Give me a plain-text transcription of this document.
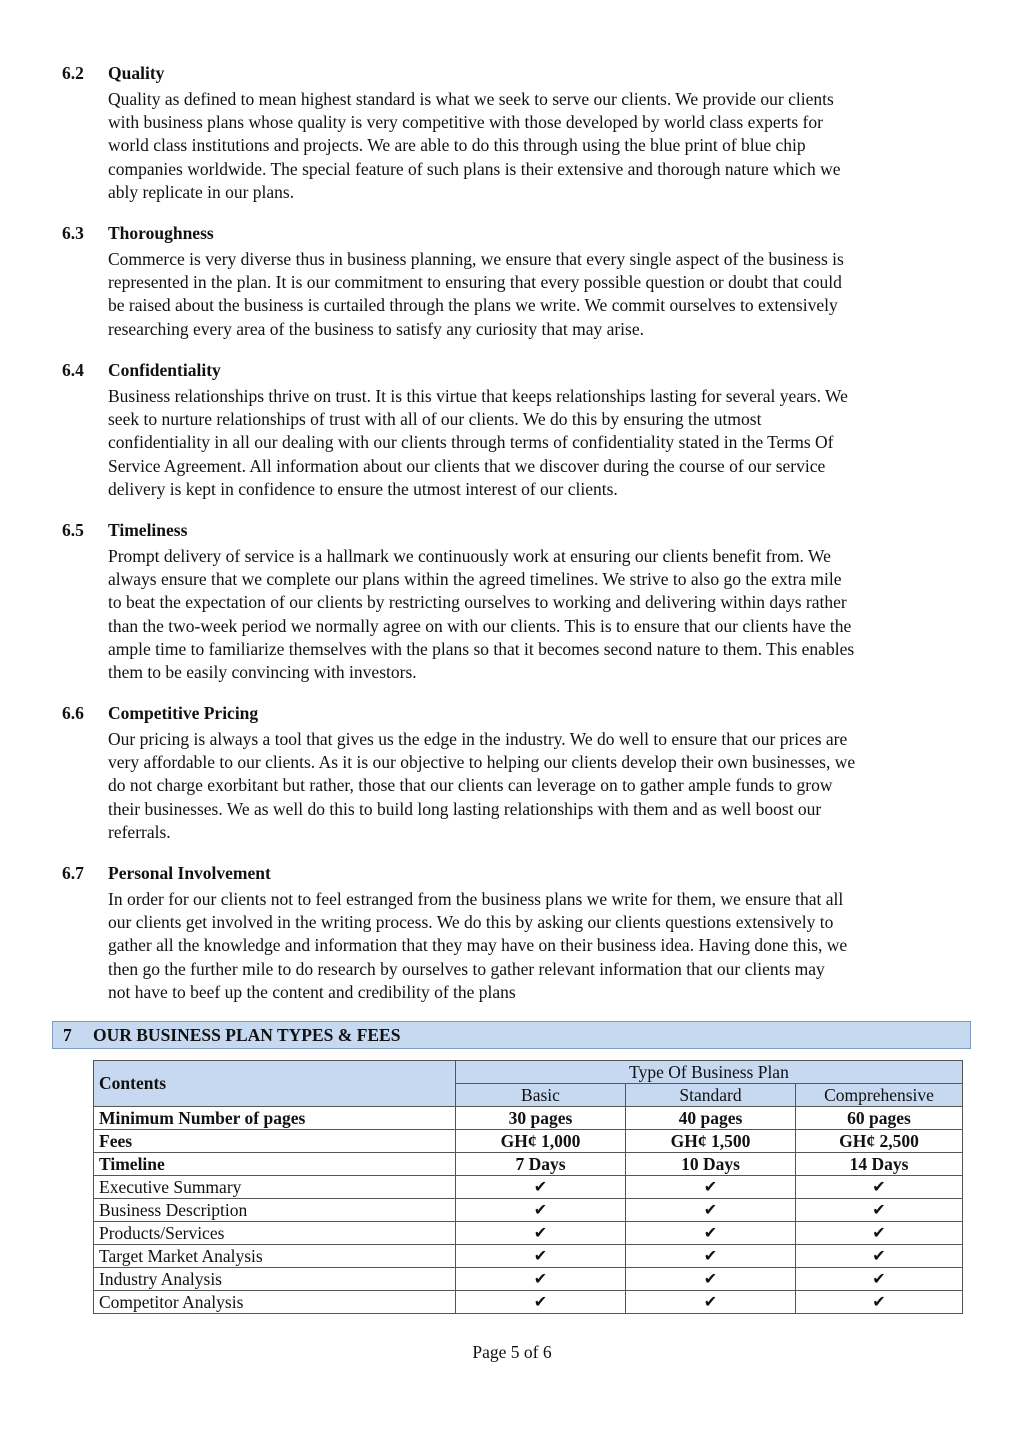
6.2	Quality
Quality as defined to mean highest standard is what we seek to serve our clients. We provide our clients
with business plans whose quality is very competitive with those developed by world class experts for
world class institutions and projects. We are able to do this through using the blue print of blue chip
companies worldwide. The special feature of such plans is their extensive and thorough nature which we
ably replicate in our plans.
6.3	Thoroughness
Commerce is very diverse thus in business planning, we ensure that every single aspect of the business is
represented in the plan. It is our commitment to ensuring that every possible question or doubt that could
be raised about the business is curtailed through the plans we write. We commit ourselves to extensively
researching every area of the business to satisfy any curiosity that may arise.
6.4	Confidentiality
Business relationships thrive on trust. It is this virtue that keeps relationships lasting for several years. We
seek to nurture relationships of trust with all of our clients. We do this by ensuring the utmost
confidentiality in all our dealing with our clients through terms of confidentiality stated in the Terms Of
Service Agreement. All information about our clients that we discover during the course of our service
delivery is kept in confidence to ensure the utmost interest of our clients.
6.5	Timeliness
Prompt delivery of service is a hallmark we continuously work at ensuring our clients benefit from. We
always ensure that we complete our plans within the agreed timelines. We strive to also go the extra mile
to beat the expectation of our clients by restricting ourselves to working and delivering within days rather
than the two-week period we normally agree on with our clients. This is to ensure that our clients have the
ample time to familiarize themselves with the plans so that it becomes second nature to them. This enables
them to be easily convincing with investors.
6.6	Competitive Pricing
Our pricing is always a tool that gives us the edge in the industry. We do well to ensure that our prices are
very affordable to our clients. As it is our objective to helping our clients develop their own businesses, we
do not charge exorbitant but rather, those that our clients can leverage on to gather ample funds to grow
their businesses. We as well do this to build long lasting relationships with them and as well boost our
referrals.
6.7	Personal Involvement
In order for our clients not to feel estranged from the business plans we write for them, we ensure that all
our clients get involved in the writing process. We do this by asking our clients questions extensively to
gather all the knowledge and information that they may have on their business idea. Having done this, we
then go the further mile to do research by ourselves to gather relevant information that our clients may
not have to beef up the content and credibility of the plans
7	OUR BUSINESS PLAN TYPES & FEES
Contents	Type Of Business Plan		
	Basic	Standard	Comprehensive
Minimum Number of pages	30 pages	40 pages	60 pages
Fees	GH¢ 1,000	GH¢ 1,500	GH¢ 2,500
Timeline	7 Days	10 Days	14 Days
Executive Summary	✔	✔	✔
Business Description	✔	✔	✔
Products/Services	✔	✔	✔
Target Market Analysis	✔	✔	✔
Industry Analysis	✔	✔	✔
Competitor Analysis	✔	✔	✔
Page 5 of 6
